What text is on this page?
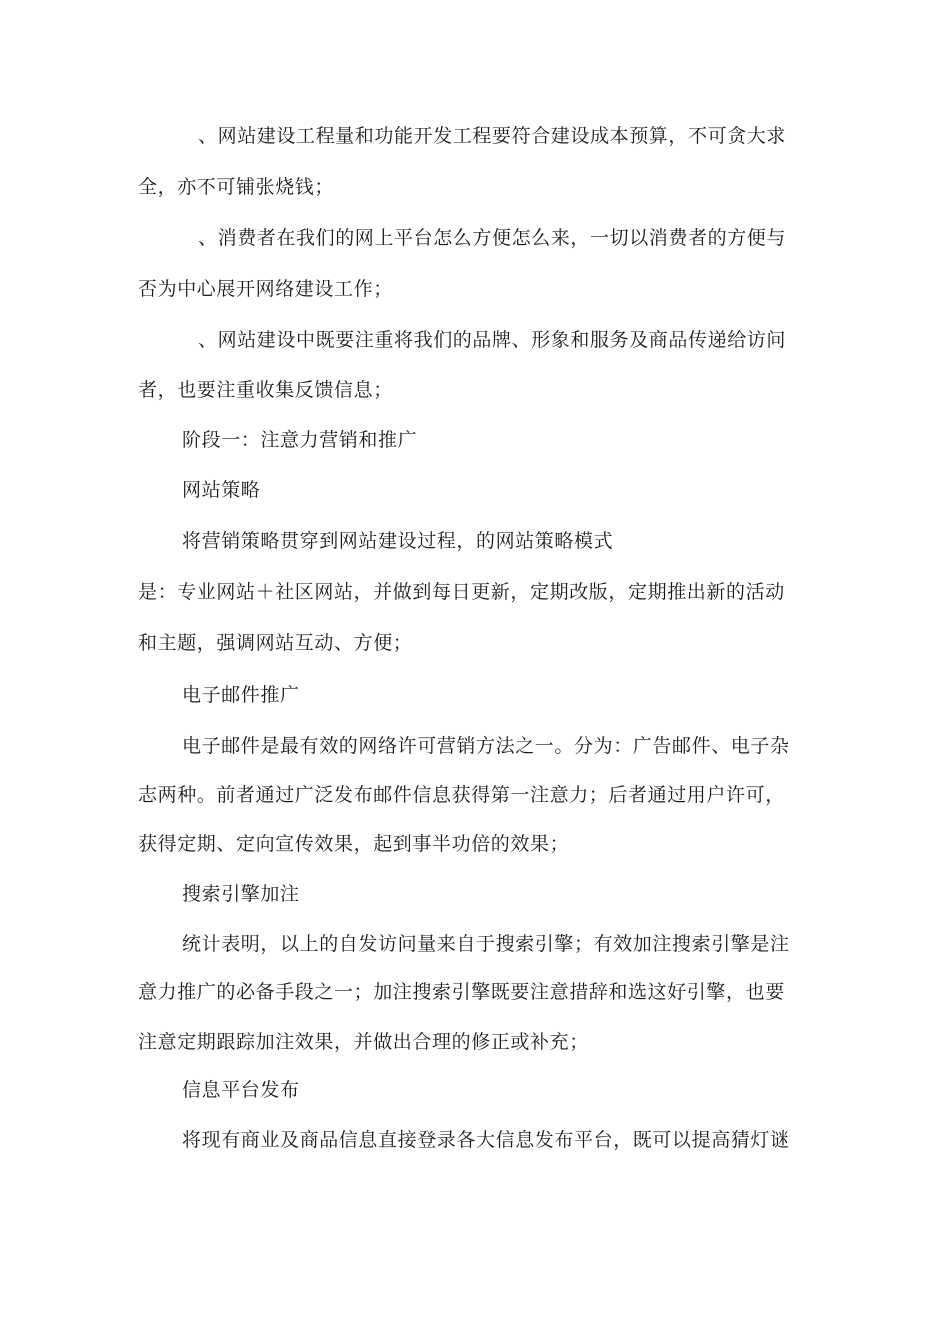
、网站建设工程量和功能开发工程要符合建设成本预算，不可贪大求
全，亦不可铺张烧钱；
、消费者在我们的网上平台怎么方便怎么来，一切以消费者的方便与
否为中心展开网络建设工作；
、网站建设中既要注重将我们的品牌、形象和服务及商品传递给访问
者，也要注重收集反馈信息；
阶段一：注意力营销和推广
网站策略
将营销策略贯穿到网站建设过程，的网站策略模式
是：专业网站＋社区网站，并做到每日更新，定期改版，定期推出新的活动
和主题，强调网站互动、方便；
电子邮件推广
电子邮件是最有效的网络许可营销方法之一。分为：广告邮件、电子杂
志两种。前者通过广泛发布邮件信息获得第一注意力；后者通过用户许可，
获得定期、定向宣传效果，起到事半功倍的效果；
搜索引擎加注
统计表明，以上的自发访问量来自于搜索引擎；有效加注搜索引擎是注
意力推广的必备手段之一；加注搜索引擎既要注意措辞和选这好引擎，也要
注意定期跟踪加注效果，并做出合理的修正或补充；
信息平台发布
将现有商业及商品信息直接登录各大信息发布平台，既可以提高猜灯谜
